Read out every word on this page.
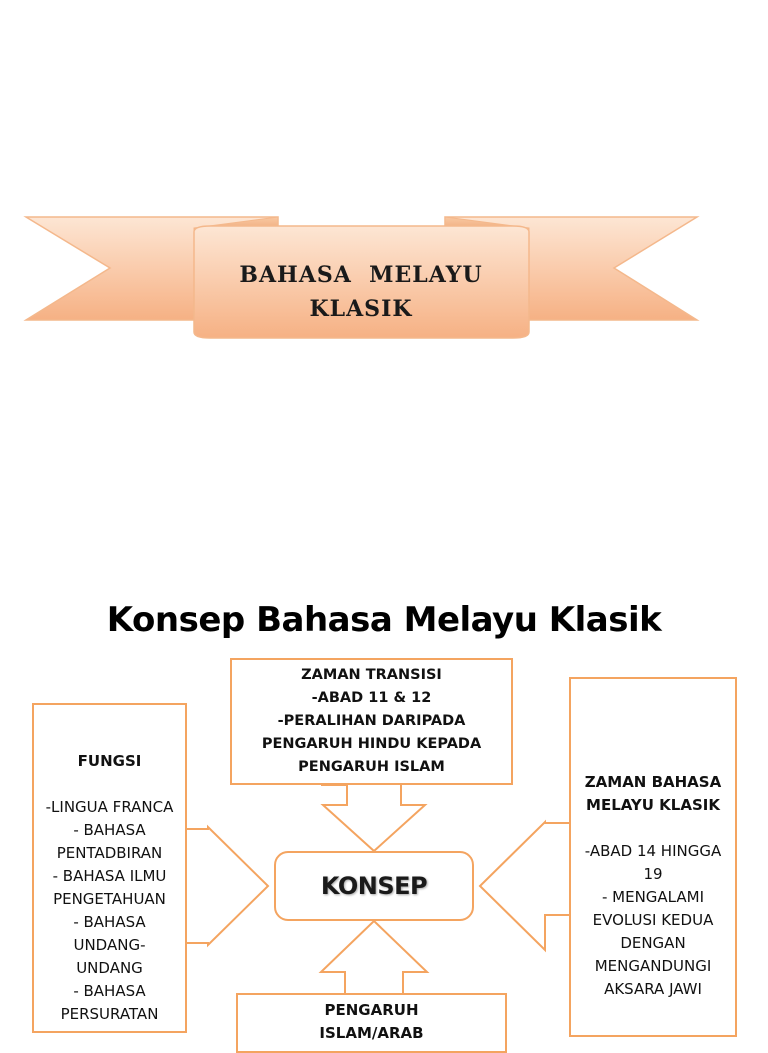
BAHASA  MELAYU
KLASIK
Konsep Bahasa Melayu Klasik
ZAMAN TRANSISI
-ABAD 11 & 12
-PERALIHAN DARIPADA
PENGARUH HINDU KEPADA
PENGARUH ISLAM
FUNGSI
-LINGUA FRANCA
- BAHASA
PENTADBIRAN
- BAHASA ILMU
PENGETAHUAN
- BAHASA
UNDANG-
UNDANG
- BAHASA
PERSURATAN
ZAMAN BAHASA
MELAYU KLASIK
-ABAD 14 HINGGA
19
- MENGALAMI
EVOLUSI KEDUA
DENGAN
MENGANDUNGI
AKSARA JAWI
PENGARUH
ISLAM/ARAB
KONSEP
